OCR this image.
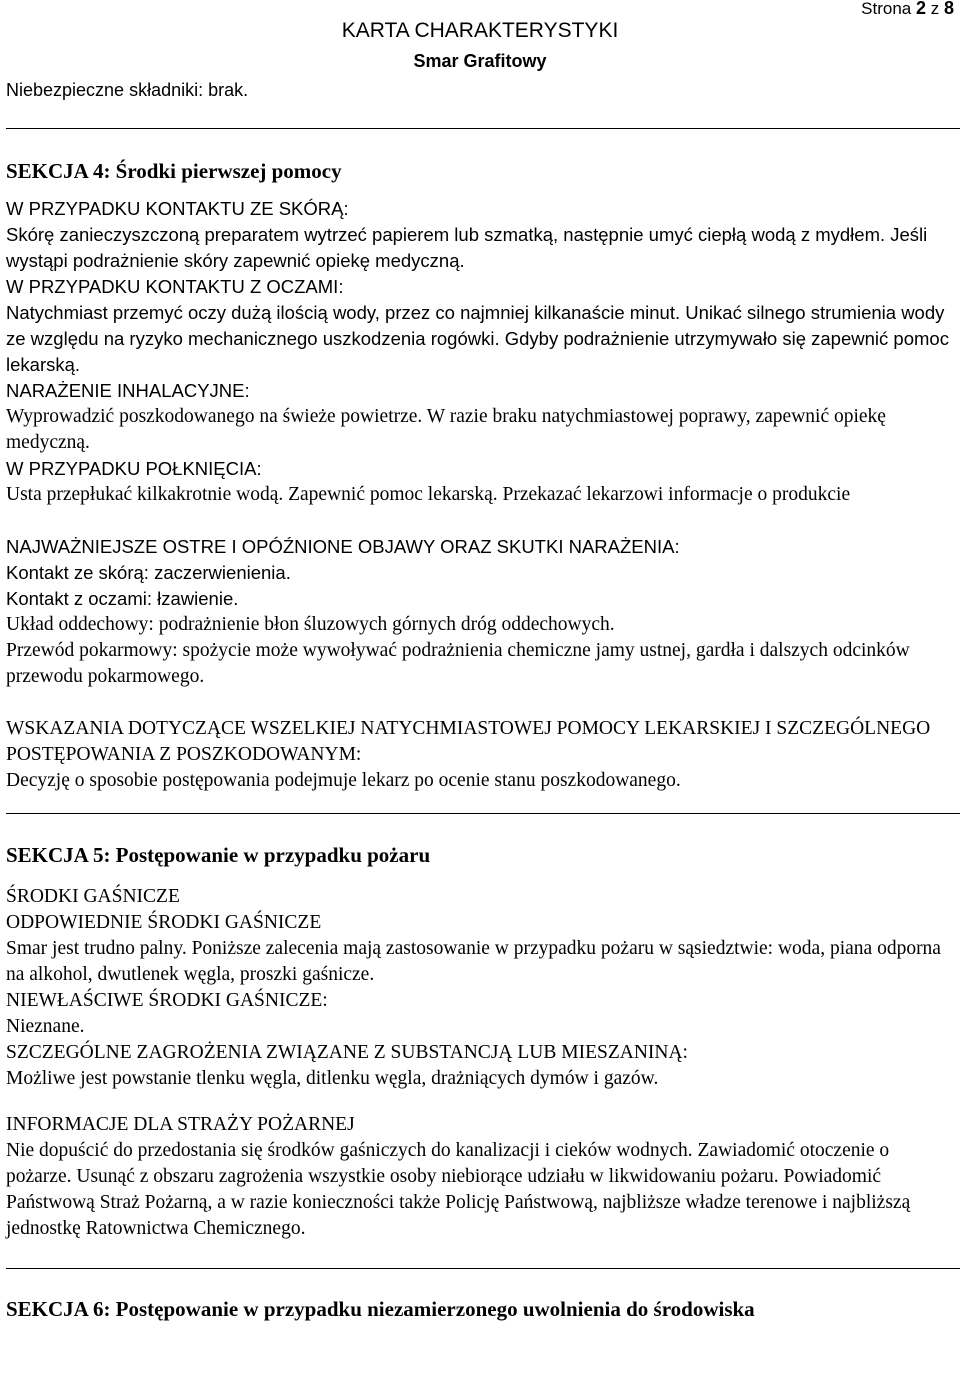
Strona 2 z 8
KARTA CHARAKTERYSTYKI
Smar Grafitowy
Niebezpieczne składniki: brak.
SEKCJA 4: Środki pierwszej pomocy

W PRZYPADKU KONTAKTU ZE SKÓRĄ:

Skórę zanieczyszczoną preparatem wytrzeć papierem lub szmatką, następnie umyć ciepłą wodą z mydłem. Jeśli wystąpi podrażnienie skóry zapewnić opiekę medyczną.

W PRZYPADKU KONTAKTU Z OCZAMI:

Natychmiast przemyć oczy dużą ilością wody, przez co najmniej kilkanaście minut. Unikać silnego strumienia wody ze względu na ryzyko mechanicznego uszkodzenia rogówki. Gdyby podrażnienie utrzymywało się zapewnić pomoc lekarską.

NARAŻENIE INHALACYJNE:

Wyprowadzić poszkodowanego na świeże powietrze. W razie braku natychmiastowej poprawy, zapewnić opiekę medyczną.

W PRZYPADKU POŁKNIĘCIA:

Usta przepłukać kilkakrotnie wodą. Zapewnić pomoc lekarską. Przekazać lekarzowi informacje o produkcie

NAJWAŻNIEJSZE OSTRE I OPÓŹNIONE OBJAWY ORAZ SKUTKI NARAŻENIA:

Kontakt ze skórą: zaczerwienienia.

Kontakt z oczami: łzawienie.

Układ oddechowy: podrażnienie błon śluzowych górnych dróg oddechowych.

Przewód pokarmowy: spożycie może wywoływać podrażnienia chemiczne jamy ustnej, gardła i dalszych odcinków przewodu pokarmowego.

WSKAZANIA DOTYCZĄCE WSZELKIEJ NATYCHMIASTOWEJ POMOCY LEKARSKIEJ I SZCZEGÓLNEGO POSTĘPOWANIA Z POSZKODOWANYM:

Decyzję o sposobie postępowania podejmuje lekarz po ocenie stanu poszkodowanego.

SEKCJA 5: Postępowanie w przypadku pożaru

ŚRODKI GAŚNICZE

ODPOWIEDNIE ŚRODKI GAŚNICZE

Smar jest trudno palny. Poniższe zalecenia mają zastosowanie w przypadku pożaru w sąsiedztwie: woda, piana odporna na alkohol, dwutlenek węgla, proszki gaśnicze.

NIEWŁAŚCIWE ŚRODKI GAŚNICZE:

Nieznane.

SZCZEGÓLNE ZAGROŻENIA ZWIĄZANE Z SUBSTANCJĄ LUB MIESZANINĄ:

Możliwe jest powstanie tlenku węgla, ditlenku węgla, drażniących dymów i gazów.

INFORMACJE DLA STRAŻY POŻARNEJ

Nie dopuścić do przedostania się środków gaśniczych do kanalizacji i cieków wodnych. Zawiadomić otoczenie o pożarze. Usunąć z obszaru zagrożenia wszystkie osoby niebiorące udziału w likwidowaniu pożaru. Powiadomić Państwową Straż Pożarną, a w razie konieczności także Policję Państwową, najbliższe władze terenowe i najbliższą jednostkę Ratownictwa Chemicznego.

SEKCJA 6: Postępowanie w przypadku niezamierzonego uwolnienia do środowiska
